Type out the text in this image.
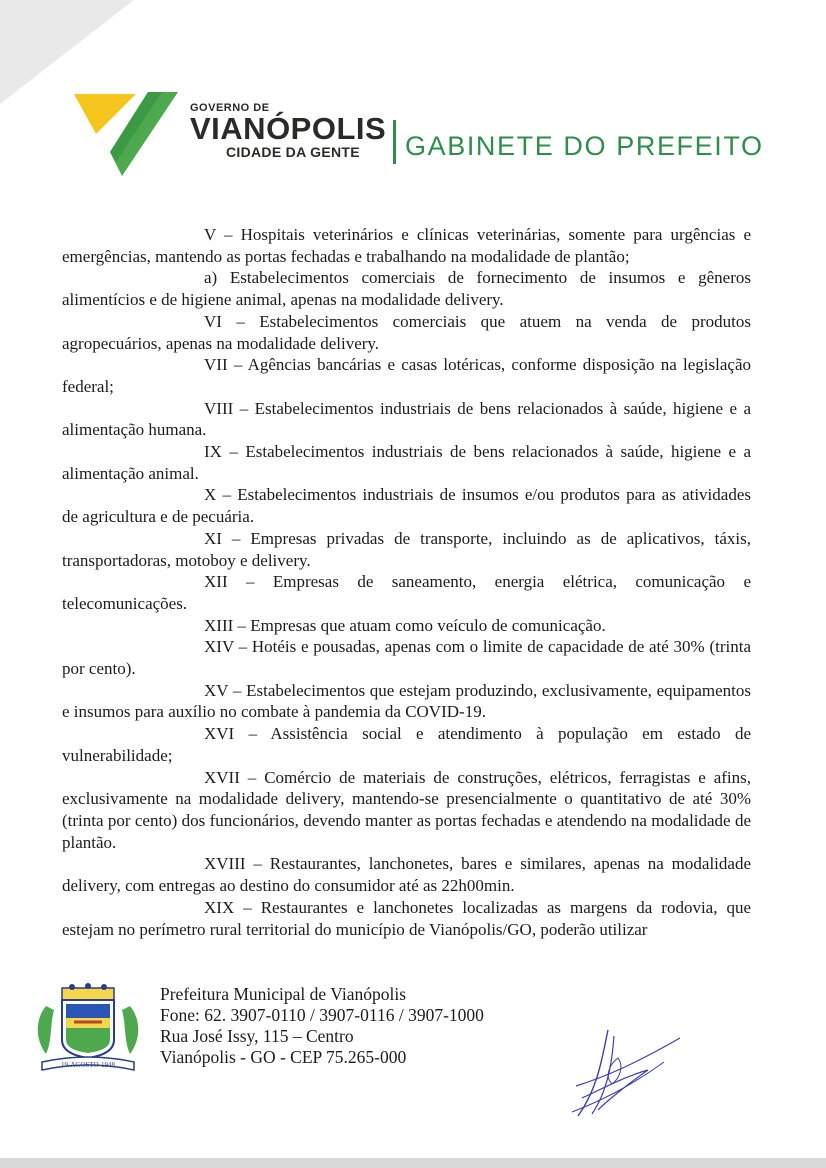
GOVERNO DE
VIANÓPOLIS
CIDADE DA GENTE	GABINETE DO PREFEITO

V – Hospitais veterinários e clínicas veterinárias, somente para urgências e emergências, mantendo as portas fechadas e trabalhando na modalidade de plantão;

a) Estabelecimentos comerciais de fornecimento de insumos e gêneros alimentícios e de higiene animal, apenas na modalidade delivery.

VI – Estabelecimentos comerciais que atuem na venda de produtos agropecuários, apenas na modalidade delivery.

VII – Agências bancárias e casas lotéricas, conforme disposição na legislação federal;

VIII – Estabelecimentos industriais de bens relacionados à saúde, higiene e a alimentação humana.

IX – Estabelecimentos industriais de bens relacionados à saúde, higiene e a alimentação animal.

X – Estabelecimentos industriais de insumos e/ou produtos para as atividades de agricultura e de pecuária.

XI – Empresas privadas de transporte, incluindo as de aplicativos, táxis, transportadoras, motoboy e delivery.

XII – Empresas de saneamento, energia elétrica, comunicação e telecomunicações.

XIII – Empresas que atuam como veículo de comunicação.

XIV – Hotéis e pousadas, apenas com o limite de capacidade de até 30% (trinta por cento).

XV – Estabelecimentos que estejam produzindo, exclusivamente, equipamentos e insumos para auxílio no combate à pandemia da COVID-19.

XVI – Assistência social e atendimento à população em estado de vulnerabilidade;

XVII – Comércio de materiais de construções, elétricos, ferragistas e afins, exclusivamente na modalidade delivery, mantendo-se presencialmente o quantitativo de até 30% (trinta por cento) dos funcionários, devendo manter as portas fechadas e atendendo na modalidade de plantão.

XVIII – Restaurantes, lanchonetes, bares e similares, apenas na modalidade delivery, com entregas ao destino do consumidor até as 22h00min.

XIX – Restaurantes e lanchonetes localizadas as margens da rodovia, que estejam no perímetro rural territorial do município de Vianópolis/GO, poderão utilizar

19-AGOSTO-1948
Prefeitura Municipal de Vianópolis
Fone: 62. 3907-0110 / 3907-0116 / 3907-1000
Rua José Issy, 115 – Centro
Vianópolis - GO - CEP 75.265-000
